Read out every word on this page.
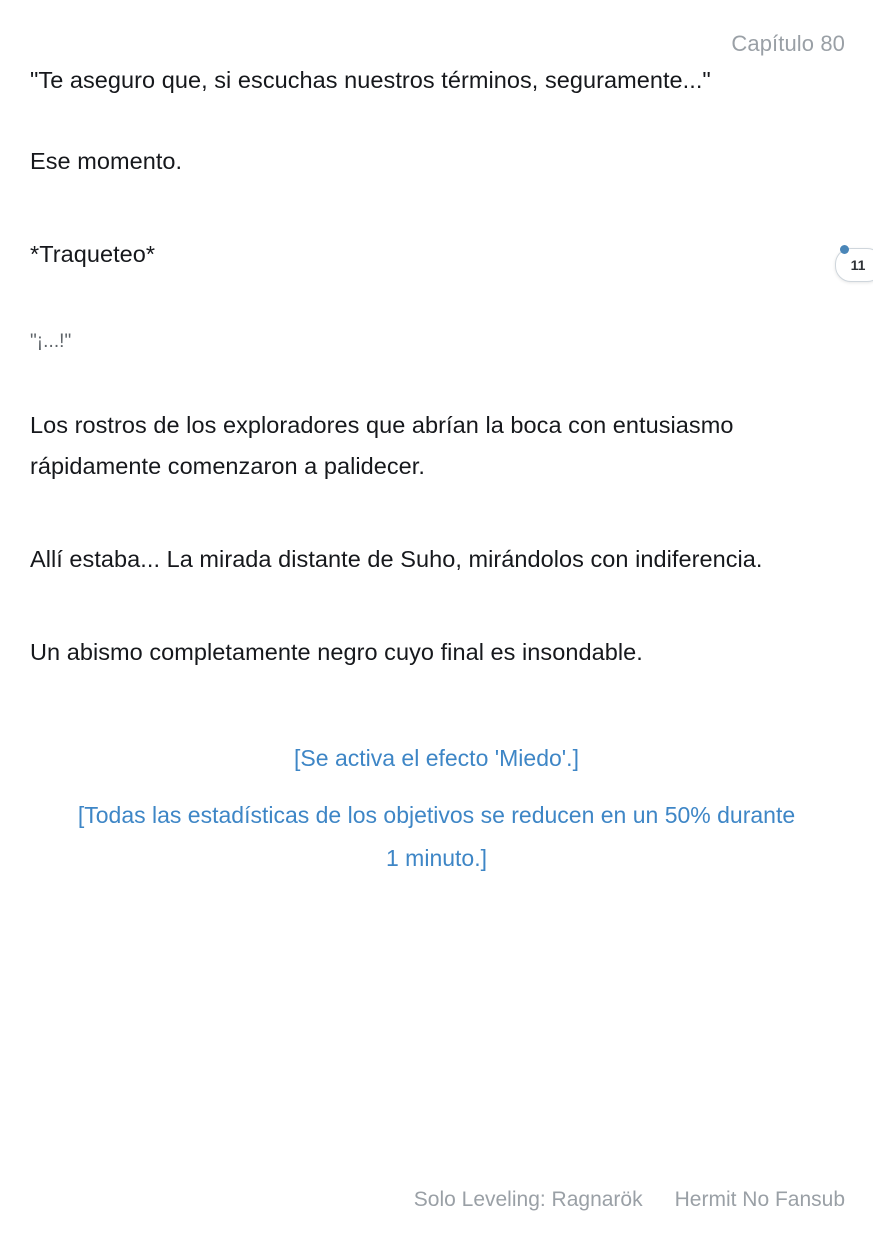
Capítulo 80

"Te aseguro que, si escuchas nuestros términos, seguramente..."

Ese momento.

*Traqueteo*

"¡...!"

Los rostros de los exploradores que abrían la boca con entusiasmo rápidamente comenzaron a palidecer.

Allí estaba... La mirada distante de Suho, mirándolos con indiferencia.

Un abismo completamente negro cuyo final es insondable.

[Se activa el efecto 'Miedo'.]
[Todas las estadísticas de los objetivos se reducen en un 50% durante 1 minuto.]
11
Solo Leveling: Ragnarök Hermit No Fansub
